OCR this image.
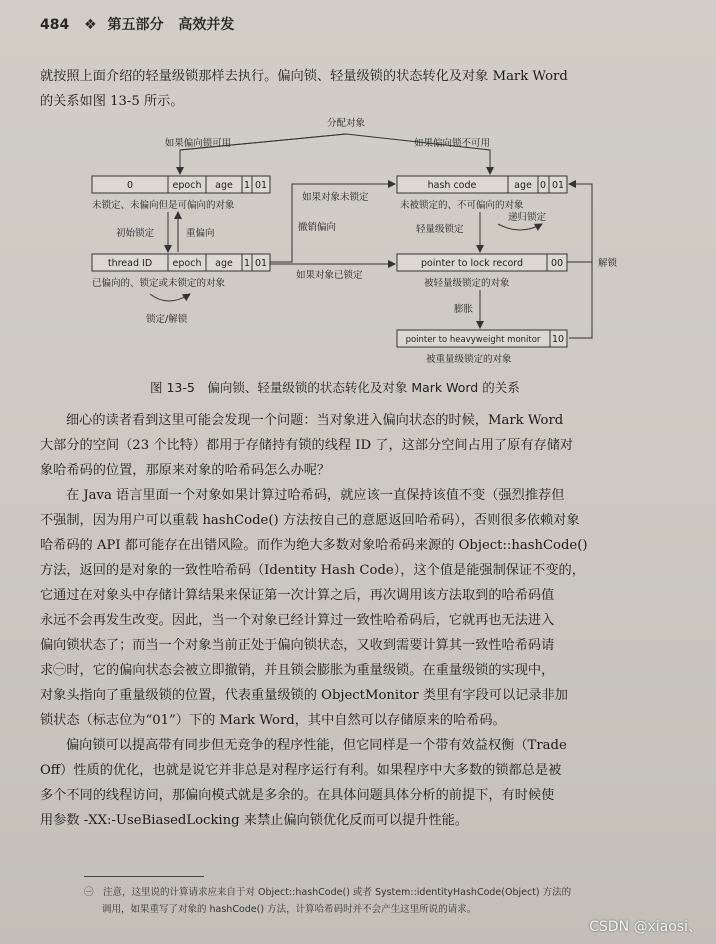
484 ❖ 第五部分 高效并发
就按照上面介绍的轻量级锁那样去执行。偏向锁、轻量级锁的状态转化及对象 Mark Word
的关系如图 13-5 所示。
分配对象
如果偏向锁可用	如果偏向锁不可用
0	epoch age 1 01
未锁定、未偏向但是可偏向的对象
初始锁定	重偏向
thread ID epoch age 1 01
已偏向的、锁定或未锁定的对象
锁定/解锁
如果对象未锁定
撤销偏向
如果对象已锁定
hash code	age 0 01
未被锁定的、不可偏向的对象
轻量级锁定
递归锁定
pointer to lock record	00
被轻量级锁定的对象
解锁
膨胀
pointer to heavyweight monitor 10
被重量级锁定的对象
图 13-5　偏向锁、轻量级锁的状态转化及对象 Mark Word 的关系
细心的读者看到这里可能会发现一个问题：当对象进入偏向状态的时候，Mark Word
大部分的空间（23 个比特）都用于存储持有锁的线程 ID 了，这部分空间占用了原有存储对
象哈希码的位置，那原来对象的哈希码怎么办呢？
在 Java 语言里面一个对象如果计算过哈希码，就应该一直保持该值不变（强烈推荐但
不强制，因为用户可以重载 hashCode() 方法按自己的意愿返回哈希码），否则很多依赖对象
哈希码的 API 都可能存在出错风险。而作为绝大多数对象哈希码来源的 Object::hashCode()
方法，返回的是对象的一致性哈希码（Identity Hash Code），这个值是能强制保证不变的，
它通过在对象头中存储计算结果来保证第一次计算之后，再次调用该方法取到的哈希码值
永远不会再发生改变。因此，当一个对象已经计算过一致性哈希码后，它就再也无法进入
偏向锁状态了；而当一个对象当前正处于偏向锁状态，又收到需要计算其一致性哈希码请
求㊀时，它的偏向状态会被立即撤销，并且锁会膨胀为重量级锁。在重量级锁的实现中，
对象头指向了重量级锁的位置，代表重量级锁的 ObjectMonitor 类里有字段可以记录非加
锁状态（标志位为“01”）下的 Mark Word，其中自然可以存储原来的哈希码。
偏向锁可以提高带有同步但无竞争的程序性能，但它同样是一个带有效益权衡（Trade
Off）性质的优化，也就是说它并非总是对程序运行有利。如果程序中大多数的锁都总是被
多个不同的线程访问，那偏向模式就是多余的。在具体问题具体分析的前提下，有时候使
用参数 -XX:-UseBiasedLocking 来禁止偏向锁优化反而可以提升性能。
㊀　注意，这里说的计算请求应来自于对 Object::hashCode() 或者 System::identityHashCode(Object) 方法的
调用，如果重写了对象的 hashCode() 方法，计算哈希码时并不会产生这里所说的请求。
CSDN @xiaosi、
